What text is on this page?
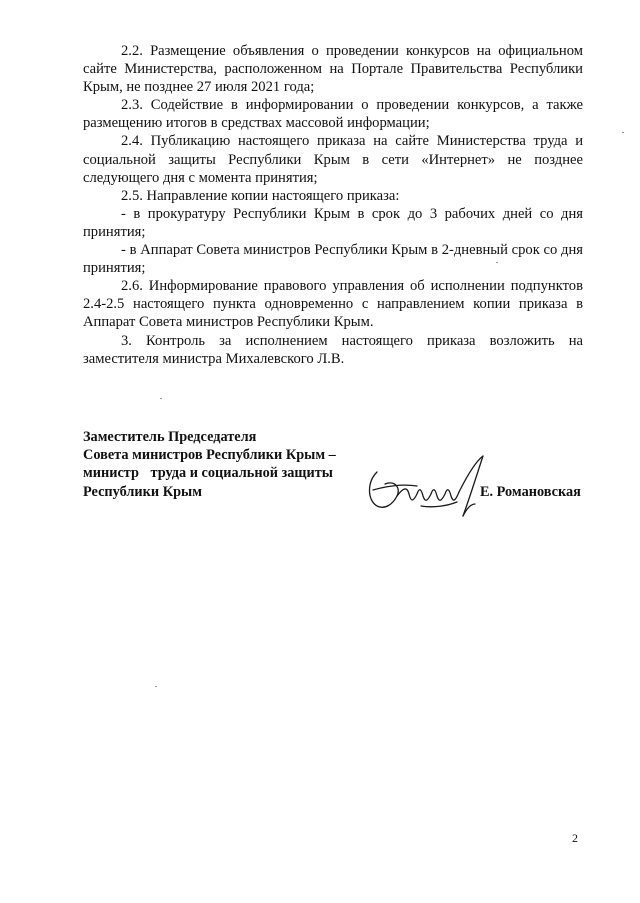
2.2. Размещение объявления о проведении конкурсов на официальном сайте Министерства, расположенном на Портале Правительства Республики Крым, не позднее 27 июля 2021 года;

2.3. Содействие в информировании о проведении конкурсов, а также размещению итогов в средствах массовой информации;

2.4. Публикацию настоящего приказа на сайте Министерства труда и социальной защиты Республики Крым в сети «Интернет» не позднее следующего дня с момента принятия;

2.5. Направление копии настоящего приказа:

- в прокуратуру Республики Крым в срок до 3 рабочих дней со дня принятия;

- в Аппарат Совета министров Республики Крым в 2-дневный срок со дня принятия;

2.6. Информирование правового управления об исполнении подпунктов 2.4-2.5 настоящего пункта одновременно с направлением копии приказа в Аппарат Совета министров Республики Крым.

3. Контроль за исполнением настоящего приказа возложить на заместителя министра Михалевского Л.В.

Заместитель Председателя
Совета министров Республики Крым –
министр труда и социальной защиты
Республики Крым	Е. Романовская
2
